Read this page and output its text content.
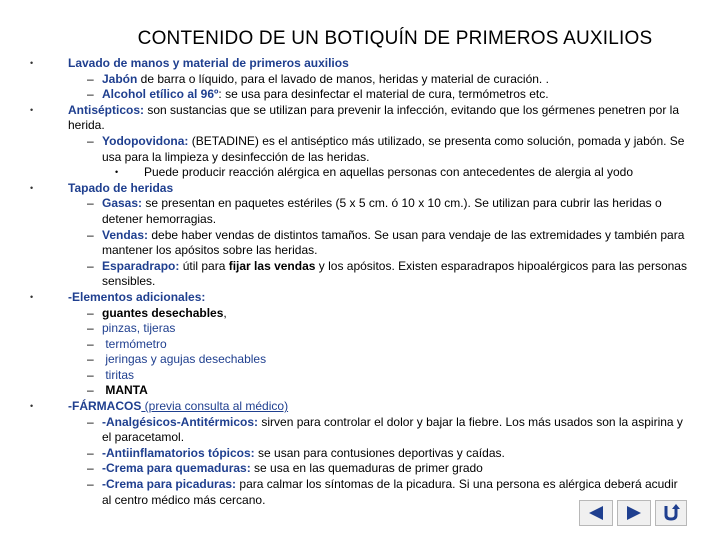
CONTENIDO DE UN BOTIQUÍN DE PRIMEROS AUXILIOS
•	Lavado de manos y material de primeros auxilios
– Jabón de barra o líquido, para el lavado de manos, heridas y material de curación. .
– Alcohol etílico al 96º: se usa para desinfectar el material de cura, termómetros etc.
•	Antisépticos: son sustancias que se utilizan para prevenir la infección, evitando que los gérmenes penetren por la herida.
– Yodopovidona: (BETADINE) es el antiséptico más utilizado, se presenta como solución, pomada y jabón. Se usa para la limpieza y desinfección de las heridas.
• Puede producir reacción alérgica en aquellas personas con antecedentes de alergia al yodo
•	Tapado de heridas
– Gasas: se presentan en paquetes estériles (5 x 5 cm. ó 10 x 10 cm.). Se utilizan para cubrir las heridas o detener hemorragias.
– Vendas: debe haber vendas de distintos tamaños. Se usan para vendaje de las extremidades y también para mantener los apósitos sobre las heridas.
– Esparadrapo: útil para fijar las vendas y los apósitos. Existen esparadrapos hipoalérgicos para las personas sensibles.
•	-Elementos adicionales:
– guantes desechables,
– pinzas, tijeras
– termómetro
– jeringas y agujas desechables
– tiritas
– MANTA
•	-FÁRMACOS (previa consulta al médico)
– -Analgésicos-Antitérmicos: sirven para controlar el dolor y bajar la fiebre. Los más usados son la aspirina y el paracetamol.
– -Antiinflamatorios tópicos: se usan para contusiones deportivas y caídas.
– -Crema para quemaduras: se usa en las quemaduras de primer grado
– -Crema para picaduras: para calmar los síntomas de la picadura. Si una persona es alérgica deberá acudir al centro médico más cercano.
